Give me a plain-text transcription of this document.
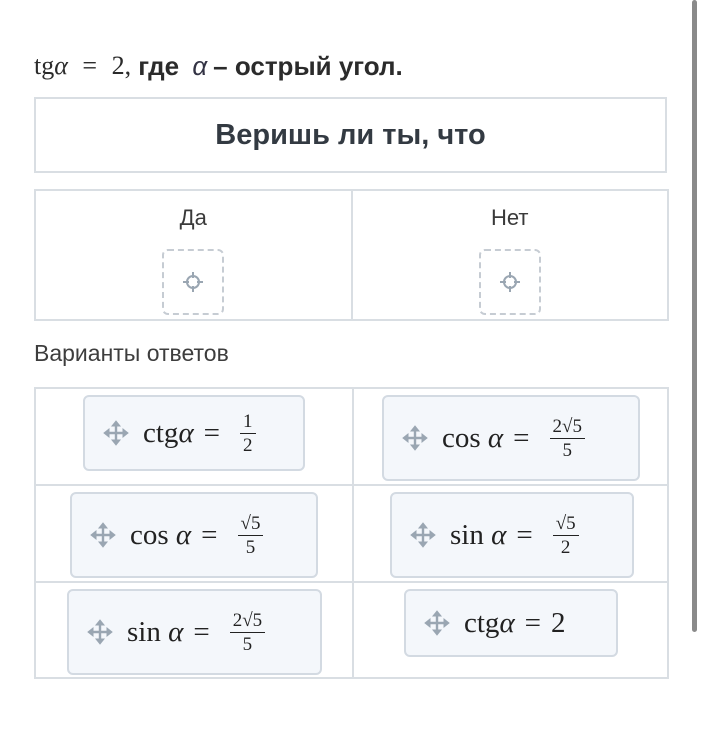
tgα = 2, где α – острый угол.
Веришь ли ты, что
Да	Нет
Варианты ответов
ctg $\alpha = \frac{1}{2}$	$\cos \alpha = \frac{2√5}{5}$
$\cos \alpha = \frac{√5}{5}$	$\sin \alpha = \frac{√5}{2}$
$\sin \alpha = \frac{2√5}{5}$	ctg α = 2
